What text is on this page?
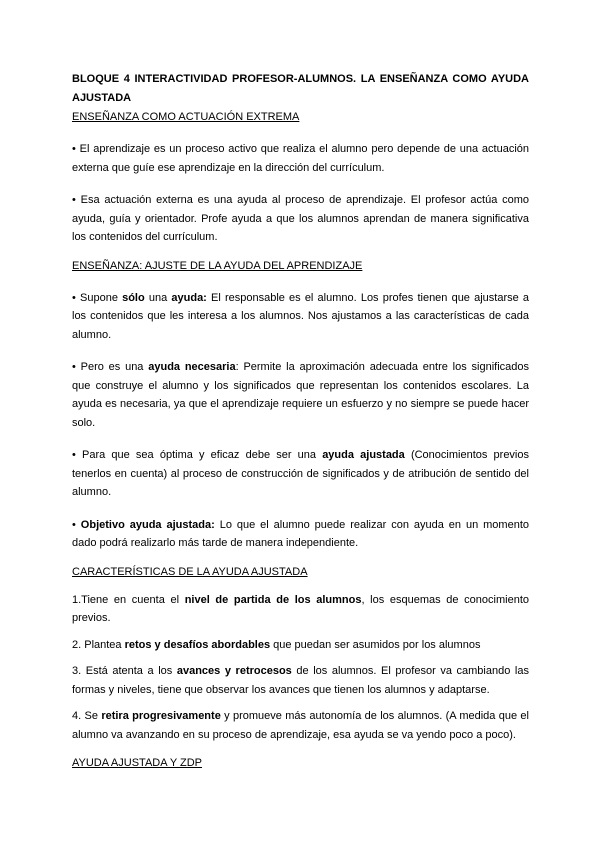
BLOQUE 4 INTERACTIVIDAD PROFESOR-ALUMNOS. LA ENSEÑANZA COMO AYUDA AJUSTADA

ENSEÑANZA COMO ACTUACIÓN EXTREMA

• El aprendizaje es un proceso activo que realiza el alumno pero depende de una actuación externa que guíe ese aprendizaje en la dirección del currículum.

• Esa actuación externa es una ayuda al proceso de aprendizaje. El profesor actúa como ayuda, guía y orientador. Profe ayuda a que los alumnos aprendan de manera significativa los contenidos del currículum.

ENSEÑANZA: AJUSTE DE LA AYUDA DEL APRENDIZAJE

• Supone sólo una ayuda: El responsable es el alumno. Los profes tienen que ajustarse a los contenidos que les interesa a los alumnos. Nos ajustamos a las características de cada alumno.

• Pero es una ayuda necesaria: Permite la aproximación adecuada entre los significados que construye el alumno y los significados que representan los contenidos escolares. La ayuda es necesaria, ya que el aprendizaje requiere un esfuerzo y no siempre se puede hacer solo.

• Para que sea óptima y eficaz debe ser una ayuda ajustada (Conocimientos previos tenerlos en cuenta) al proceso de construcción de significados y de atribución de sentido del alumno.

• Objetivo ayuda ajustada: Lo que el alumno puede realizar con ayuda en un momento dado podrá realizarlo más tarde de manera independiente.

CARACTERÍSTICAS DE LA AYUDA AJUSTADA

1.Tiene en cuenta el nivel de partida de los alumnos, los esquemas de conocimiento previos.

2. Plantea retos y desafíos abordables que puedan ser asumidos por los alumnos

3. Está atenta a los avances y retrocesos de los alumnos. El profesor va cambiando las formas y niveles, tiene que observar los avances que tienen los alumnos y adaptarse.

4. Se retira progresivamente y promueve más autonomía de los alumnos. (A medida que el alumno va avanzando en su proceso de aprendizaje, esa ayuda se va yendo poco a poco).

AYUDA AJUSTADA Y ZDP
